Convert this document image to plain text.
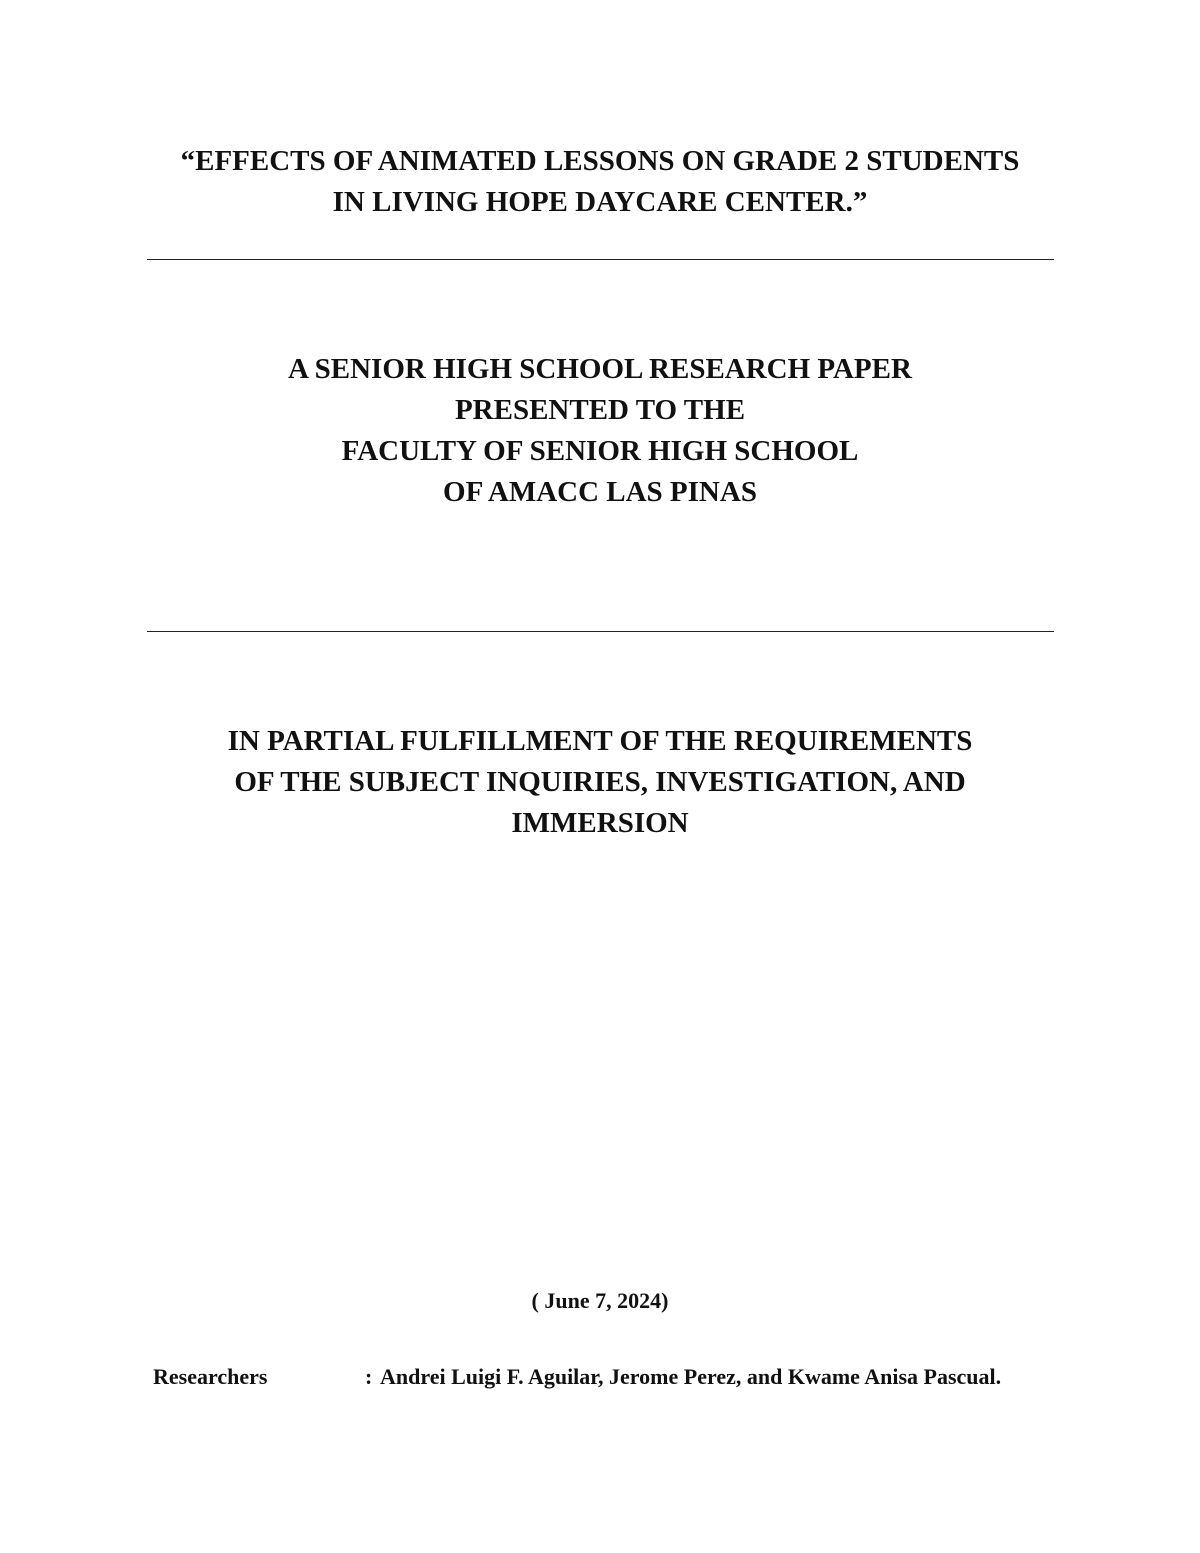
“EFFECTS OF ANIMATED LESSONS ON GRADE 2 STUDENTS
IN LIVING HOPE DAYCARE CENTER.”
A SENIOR HIGH SCHOOL RESEARCH PAPER
PRESENTED TO THE
FACULTY OF SENIOR HIGH SCHOOL
OF AMACC LAS PINAS
IN PARTIAL FULFILLMENT OF THE REQUIREMENTS
OF THE SUBJECT INQUIRIES, INVESTIGATION, AND
IMMERSION
( June 7, 2024)
Researchers	: Andrei Luigi F. Aguilar, Jerome Perez, and Kwame Anisa Pascual.
